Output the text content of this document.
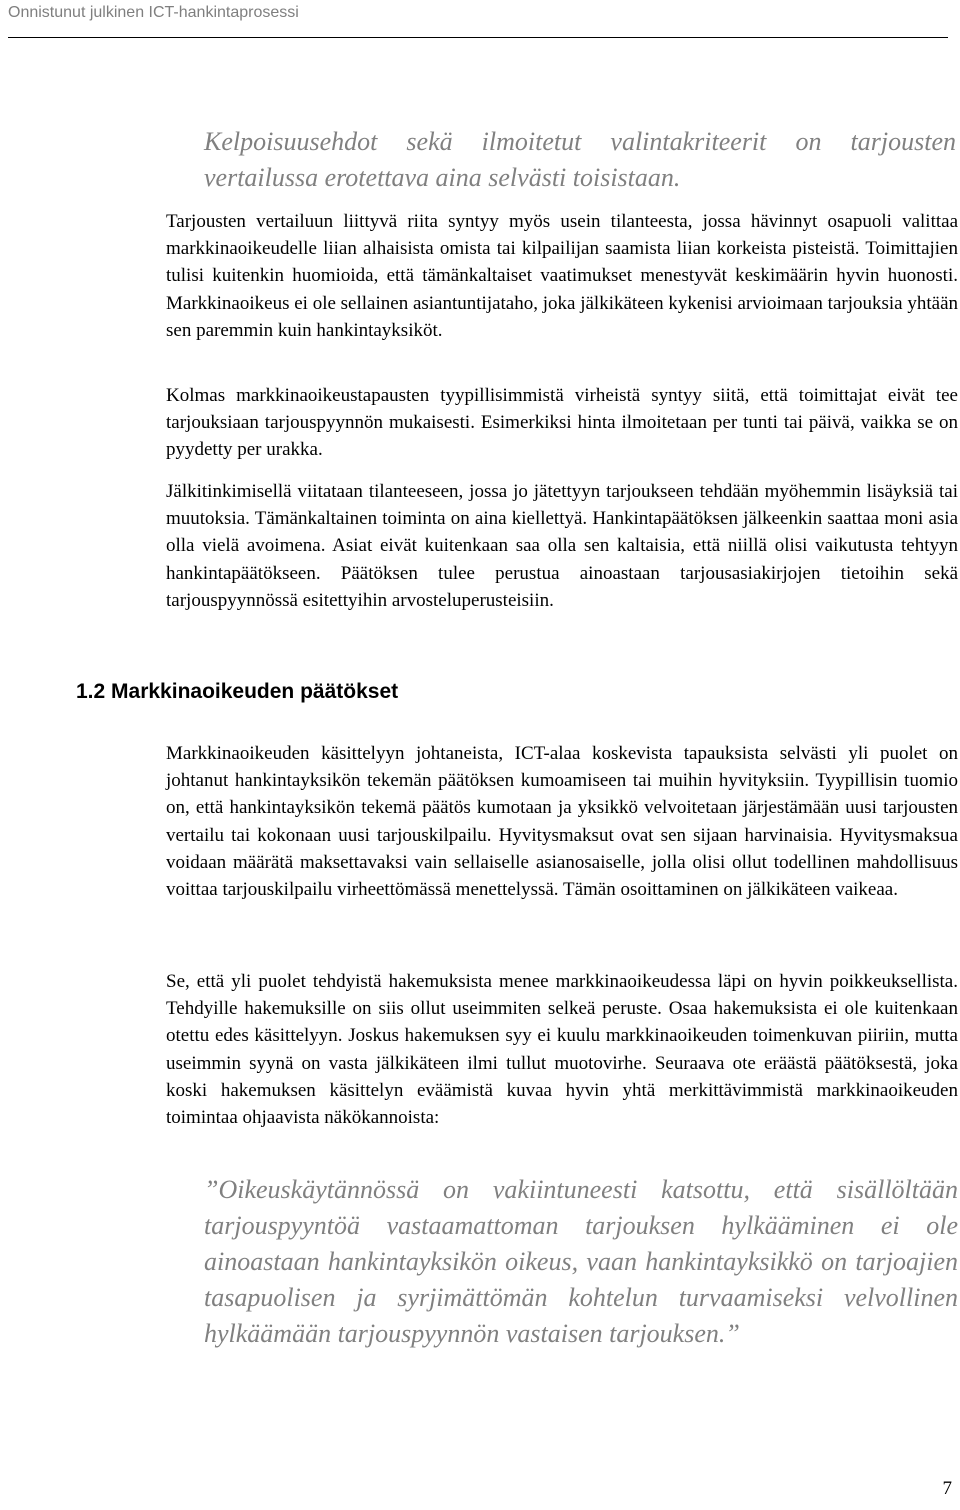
Onnistunut julkinen ICT-hankintaprosessi

Kelpoisuusehdot sekä ilmoitetut valintakriteerit on tarjousten vertailussa erotettava aina selvästi toisistaan.

Tarjousten vertailuun liittyvä riita syntyy myös usein tilanteesta, jossa hävinnyt osapuoli valittaa markkinaoikeudelle liian alhaisista omista tai kilpailijan saamista liian korkeista pisteistä. Toimittajien tulisi kuitenkin huomioida, että tämänkaltaiset vaatimukset menestyvät keskimäärin hyvin huonosti. Markkinaoikeus ei ole sellainen asiantuntijataho, joka jälkikäteen kykenisi arvioimaan tarjouksia yhtään sen paremmin kuin hankintayksiköt.

Kolmas markkinaoikeustapausten tyypillisimmistä virheistä syntyy siitä, että toimittajat eivät tee tarjouksiaan tarjouspyynnön mukaisesti. Esimerkiksi hinta ilmoitetaan per tunti tai päivä, vaikka se on pyydetty per urakka.

Jälkitinkimisellä viitataan tilanteeseen, jossa jo jätettyyn tarjoukseen tehdään myöhemmin lisäyksiä tai muutoksia. Tämänkaltainen toiminta on aina kiellettyä. Hankintapäätöksen jälkeenkin saattaa moni asia olla vielä avoimena. Asiat eivät kuitenkaan saa olla sen kaltaisia, että niillä olisi vaikutusta tehtyyn hankintapäätökseen. Päätöksen tulee perustua ainoastaan tarjousasiakirjojen tietoihin sekä tarjouspyynnössä esitettyihin arvosteluperusteisiin.

1.2 Markkinaoikeuden päätökset

Markkinaoikeuden käsittelyyn johtaneista, ICT-alaa koskevista tapauksista selvästi yli puolet on johtanut hankintayksikön tekemän päätöksen kumoamiseen tai muihin hyvityksiin. Tyypillisin tuomio on, että hankintayksikön tekemä päätös kumotaan ja yksikkö velvoitetaan järjestämään uusi tarjousten vertailu tai kokonaan uusi tarjouskilpailu. Hyvitysmaksut ovat sen sijaan harvinaisia. Hyvitysmaksua voidaan määrätä maksettavaksi vain sellaiselle asianosaiselle, jolla olisi ollut todellinen mahdollisuus voittaa tarjouskilpailu virheettömässä menettelyssä. Tämän osoittaminen on jälkikäteen vaikeaa.

Se, että yli puolet tehdyistä hakemuksista menee markkinaoikeudessa läpi on hyvin poikkeuksellista. Tehdyille hakemuksille on siis ollut useimmiten selkeä peruste. Osaa hakemuksista ei ole kuitenkaan otettu edes käsittelyyn. Joskus hakemuksen syy ei kuulu markkinaoikeuden toimenkuvan piiriin, mutta useimmin syynä on vasta jälkikäteen ilmi tullut muotovirhe. Seuraava ote eräästä päätöksestä, joka koski hakemuksen käsittelyn eväämistä kuvaa hyvin yhtä merkittävimmistä markkinaoikeuden toimintaa ohjaavista näkökannoista:

”Oikeuskäytännössä on vakiintuneesti katsottu, että sisällöltään tarjouspyyntöä vastaamattoman tarjouksen hylkääminen ei ole ainoastaan hankintayksikön oikeus, vaan hankintayksikkö on tarjoajien tasapuolisen ja syrjimättömän kohtelun turvaamiseksi velvollinen hylkäämään tarjouspyynnön vastaisen tarjouksen.”

7
